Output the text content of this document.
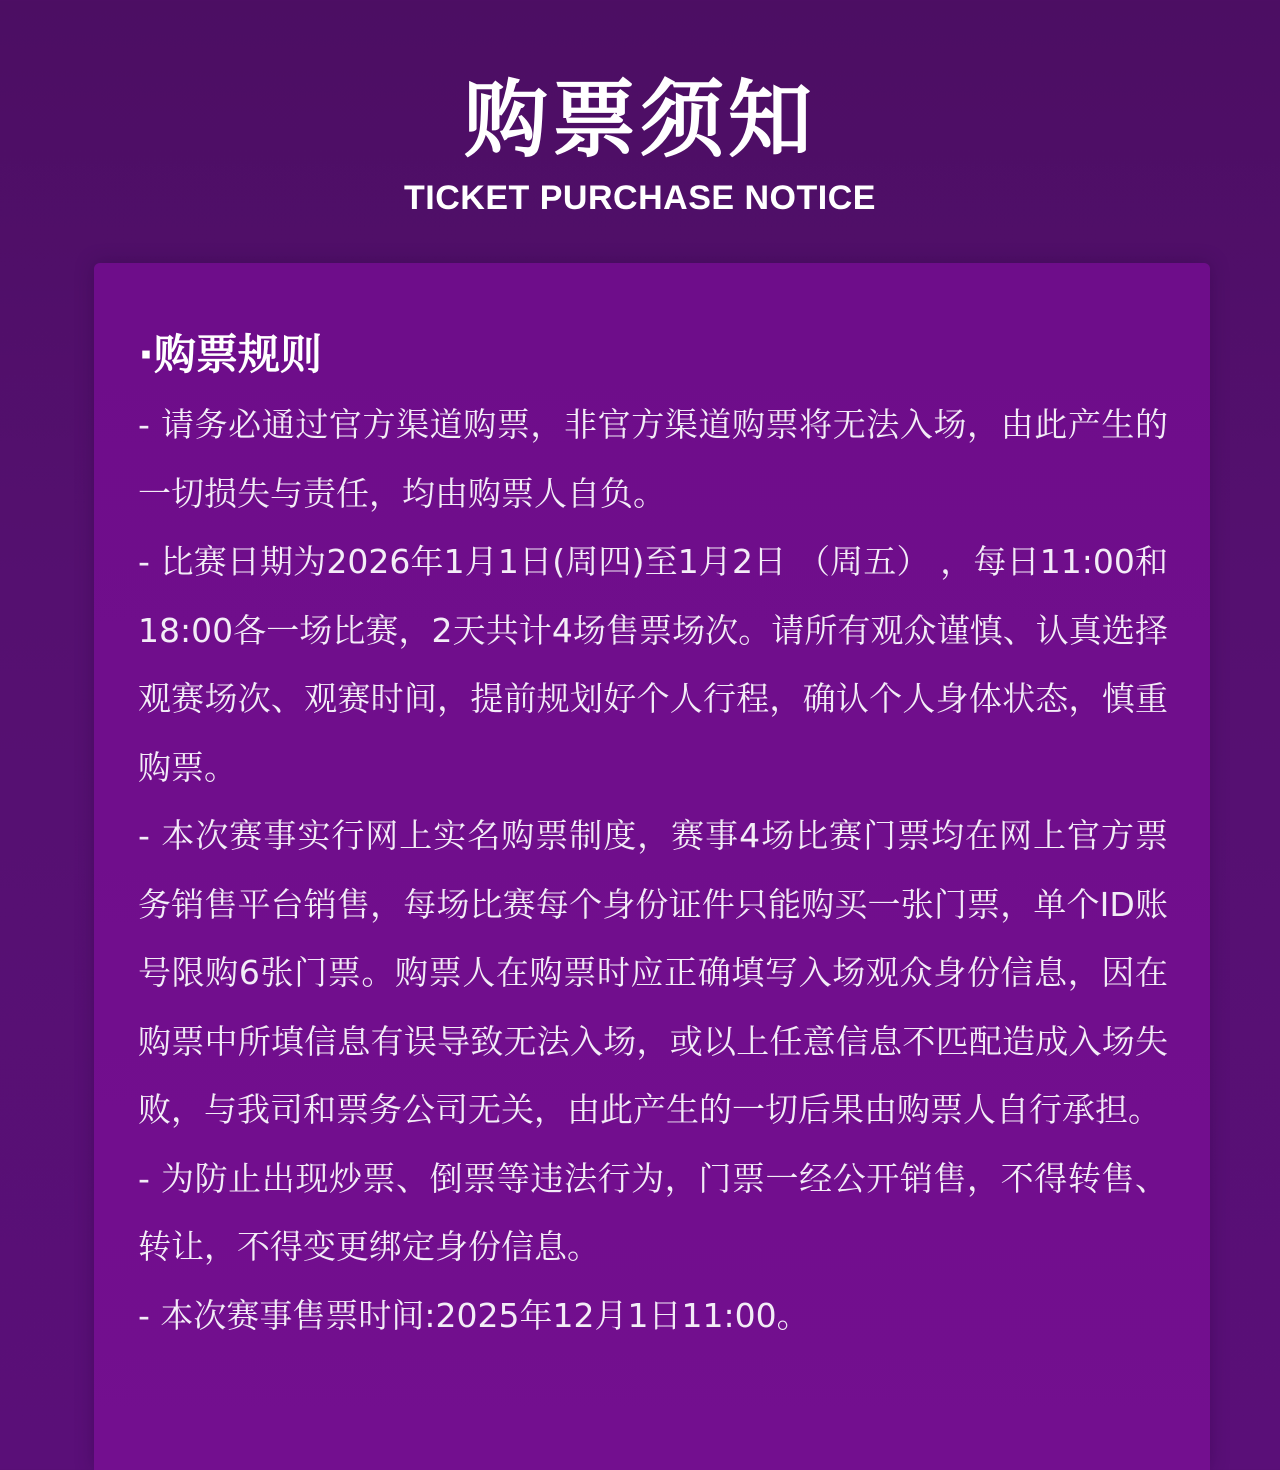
购票须知
TICKET PURCHASE NOTICE
·购票规则

- 请务必通过官方渠道购票，非官方渠道购票将无法入场，由此产生的一切损失与责任，均由购票人自负。

- 比赛日期为2026年1月1日(周四)至1月2日 （周五） ，每日11:00和18:00各一场比赛，2天共计4场售票场次。请所有观众谨慎、认真选择观赛场次、观赛时间，提前规划好个人行程，确认个人身体状态，慎重购票。

- 本次赛事实行网上实名购票制度，赛事4场比赛门票均在网上官方票务销售平台销售，每场比赛每个身份证件只能购买一张门票，单个ID账号限购6张门票。购票人在购票时应正确填写入场观众身份信息，因在购票中所填信息有误导致无法入场，或以上任意信息不匹配造成入场失败，与我司和票务公司无关，由此产生的一切后果由购票人自行承担。

- 为防止出现炒票、倒票等违法行为，门票一经公开销售，不得转售、转让，不得变更绑定身份信息。

- 本次赛事售票时间:2025年12月1日11:00。
